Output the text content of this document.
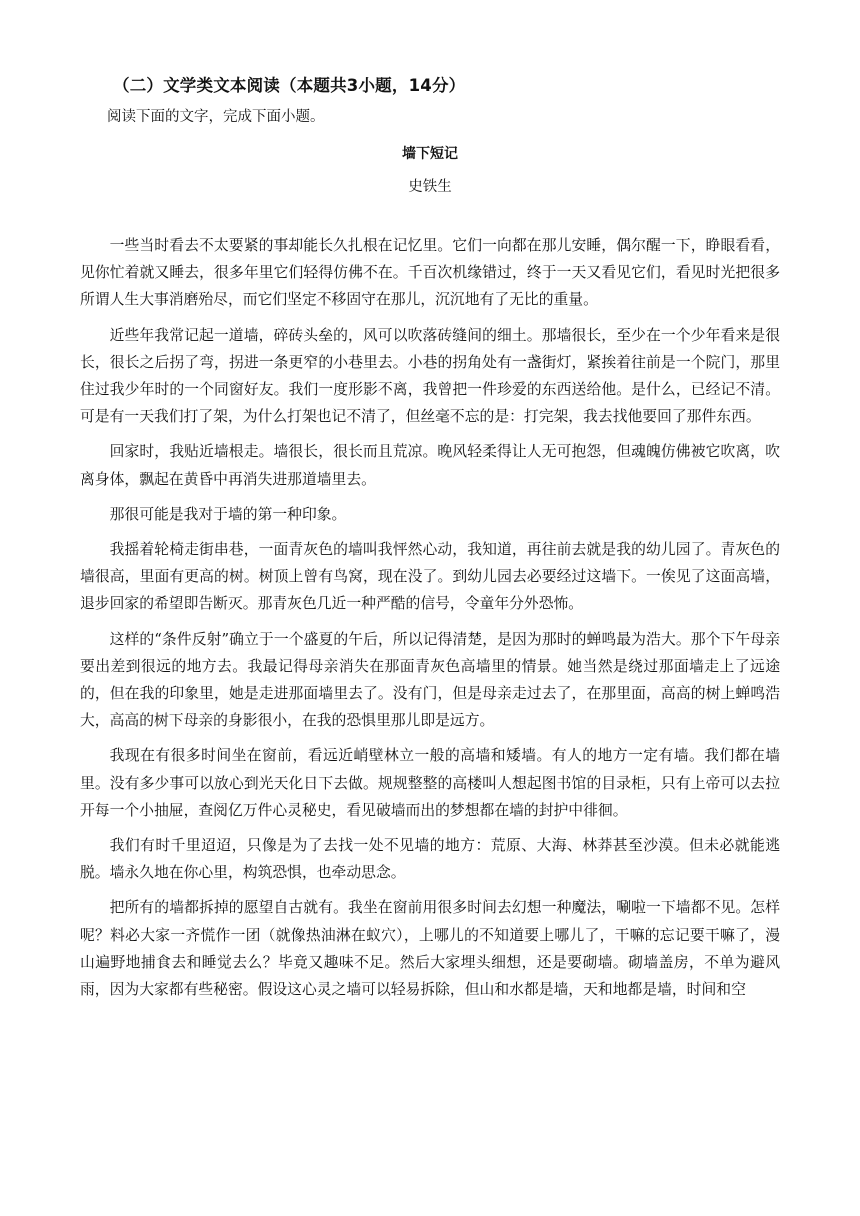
（二）文学类文本阅读（本题共3小题，14分）
阅读下面的文字，完成下面小题。
墙下短记
史铁生

一些当时看去不太要紧的事却能长久扎根在记忆里。它们一向都在那儿安睡，偶尔醒一下，睁眼看看，见你忙着就又睡去，很多年里它们轻得仿佛不在。千百次机缘错过，终于一天又看见它们，看见时光把很多所谓人生大事消磨殆尽，而它们坚定不移固守在那儿，沉沉地有了无比的重量。

近些年我常记起一道墙，碎砖头垒的，风可以吹落砖缝间的细土。那墙很长，至少在一个少年看来是很长，很长之后拐了弯，拐进一条更窄的小巷里去。小巷的拐角处有一盏街灯，紧挨着往前是一个院门，那里住过我少年时的一个同窗好友。我们一度形影不离，我曾把一件珍爱的东西送给他。是什么，已经记不清。可是有一天我们打了架，为什么打架也记不清了，但丝毫不忘的是：打完架，我去找他要回了那件东西。

回家时，我贴近墙根走。墙很长，很长而且荒凉。晚风轻柔得让人无可抱怨，但魂魄仿佛被它吹离，吹离身体，飘起在黄昏中再消失进那道墙里去。

那很可能是我对于墙的第一种印象。

我摇着轮椅走街串巷，一面青灰色的墙叫我怦然心动，我知道，再往前去就是我的幼儿园了。青灰色的墙很高，里面有更高的树。树顶上曾有鸟窝，现在没了。到幼儿园去必要经过这墙下。一俟见了这面高墙，退步回家的希望即告断灭。那青灰色几近一种严酷的信号，令童年分外恐怖。

这样的“条件反射”确立于一个盛夏的午后，所以记得清楚，是因为那时的蝉鸣最为浩大。那个下午母亲要出差到很远的地方去。我最记得母亲消失在那面青灰色高墙里的情景。她当然是绕过那面墙走上了远途的，但在我的印象里，她是走进那面墙里去了。没有门，但是母亲走过去了，在那里面，高高的树上蝉鸣浩大，高高的树下母亲的身影很小，在我的恐惧里那儿即是远方。

我现在有很多时间坐在窗前，看远近峭壁林立一般的高墙和矮墙。有人的地方一定有墙。我们都在墙里。没有多少事可以放心到光天化日下去做。规规整整的高楼叫人想起图书馆的目录柜，只有上帝可以去拉开每一个小抽屉，查阅亿万件心灵秘史，看见破墙而出的梦想都在墙的封护中徘徊。

我们有时千里迢迢，只像是为了去找一处不见墙的地方：荒原、大海、林莽甚至沙漠。但未必就能逃脱。墙永久地在你心里，构筑恐惧，也牵动思念。

把所有的墙都拆掉的愿望自古就有。我坐在窗前用很多时间去幻想一种魔法，唰啦一下墙都不见。怎样呢？料必大家一齐慌作一团（就像热油淋在蚁穴），上哪儿的不知道要上哪儿了，干嘛的忘记要干嘛了，漫山遍野地捕食去和睡觉去么？毕竟又趣味不足。然后大家埋头细想，还是要砌墙。砌墙盖房，不单为避风雨，因为大家都有些秘密。假设这心灵之墙可以轻易拆除，但山和水都是墙，天和地都是墙，时间和空
